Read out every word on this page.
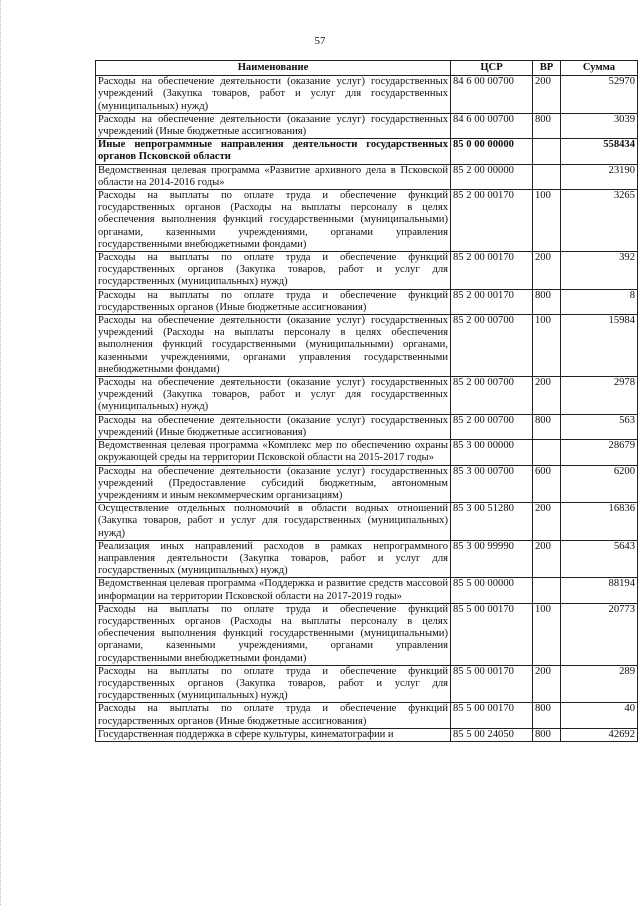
57
Наименование	ЦСР	ВР	Сумма
Расходы на обеспечение деятельности (оказание услуг) государственных учреждений (Закупка товаров, работ и услуг для государственных (муниципальных) нужд)	84 6 00 00700	200	52970
Расходы на обеспечение деятельности (оказание услуг) государственных учреждений (Иные бюджетные ассигнования)	84 6 00 00700	800	3039
Иные непрограммные направления деятельности государственных органов Псковской области	85 0 00 00000		558434
Ведомственная целевая программа «Развитие архивного дела в Псковской области на 2014-2016 годы»	85 2 00 00000		23190
Расходы на выплаты по оплате труда и обеспечение функций государственных органов (Расходы на выплаты персоналу в целях обеспечения выполнения функций государственными (муниципальными) органами, казенными учреждениями, органами управления государственными внебюджетными фондами)	85 2 00 00170	100	3265
Расходы на выплаты по оплате труда и обеспечение функций государственных органов (Закупка товаров, работ и услуг для государственных (муниципальных) нужд)	85 2 00 00170	200	392
Расходы на выплаты по оплате труда и обеспечение функций государственных органов (Иные бюджетные ассигнования)	85 2 00 00170	800	8
Расходы на обеспечение деятельности (оказание услуг) государственных учреждений (Расходы на выплаты персоналу в целях обеспечения выполнения функций государственными (муниципальными) органами, казенными учреждениями, органами управления государственными внебюджетными фондами)	85 2 00 00700	100	15984
Расходы на обеспечение деятельности (оказание услуг) государственных учреждений (Закупка товаров, работ и услуг для государственных (муниципальных) нужд)	85 2 00 00700	200	2978
Расходы на обеспечение деятельности (оказание услуг) государственных учреждений (Иные бюджетные ассигнования)	85 2 00 00700	800	563
Ведомственная целевая программа «Комплекс мер по обеспечению охраны окружающей среды на территории Псковской области на 2015-2017 годы»	85 3 00 00000		28679
Расходы на обеспечение деятельности (оказание услуг) государственных учреждений (Предоставление субсидий бюджетным, автономным учреждениям и иным некоммерческим организациям)	85 3 00 00700	600	6200
Осуществление отдельных полномочий в области водных отношений (Закупка товаров, работ и услуг для государственных (муниципальных) нужд)	85 3 00 51280	200	16836
Реализация иных направлений расходов в рамках непрограммного направления деятельности (Закупка товаров, работ и услуг для государственных (муниципальных) нужд)	85 3 00 99990	200	5643
Ведомственная целевая программа «Поддержка и развитие средств массовой информации на территории Псковской области на 2017-2019 годы»	85 5 00 00000		88194
Расходы на выплаты по оплате труда и обеспечение функций государственных органов (Расходы на выплаты персоналу в целях обеспечения выполнения функций государственными (муниципальными) органами, казенными учреждениями, органами управления государственными внебюджетными фондами)	85 5 00 00170	100	20773
Расходы на выплаты по оплате труда и обеспечение функций государственных органов (Закупка товаров, работ и услуг для государственных (муниципальных) нужд)	85 5 00 00170	200	289
Расходы на выплаты по оплате труда и обеспечение функций государственных органов (Иные бюджетные ассигнования)	85 5 00 00170	800	40
Государственная поддержка в сфере культуры, кинематографии и	85 5 00 24050	800	42692
